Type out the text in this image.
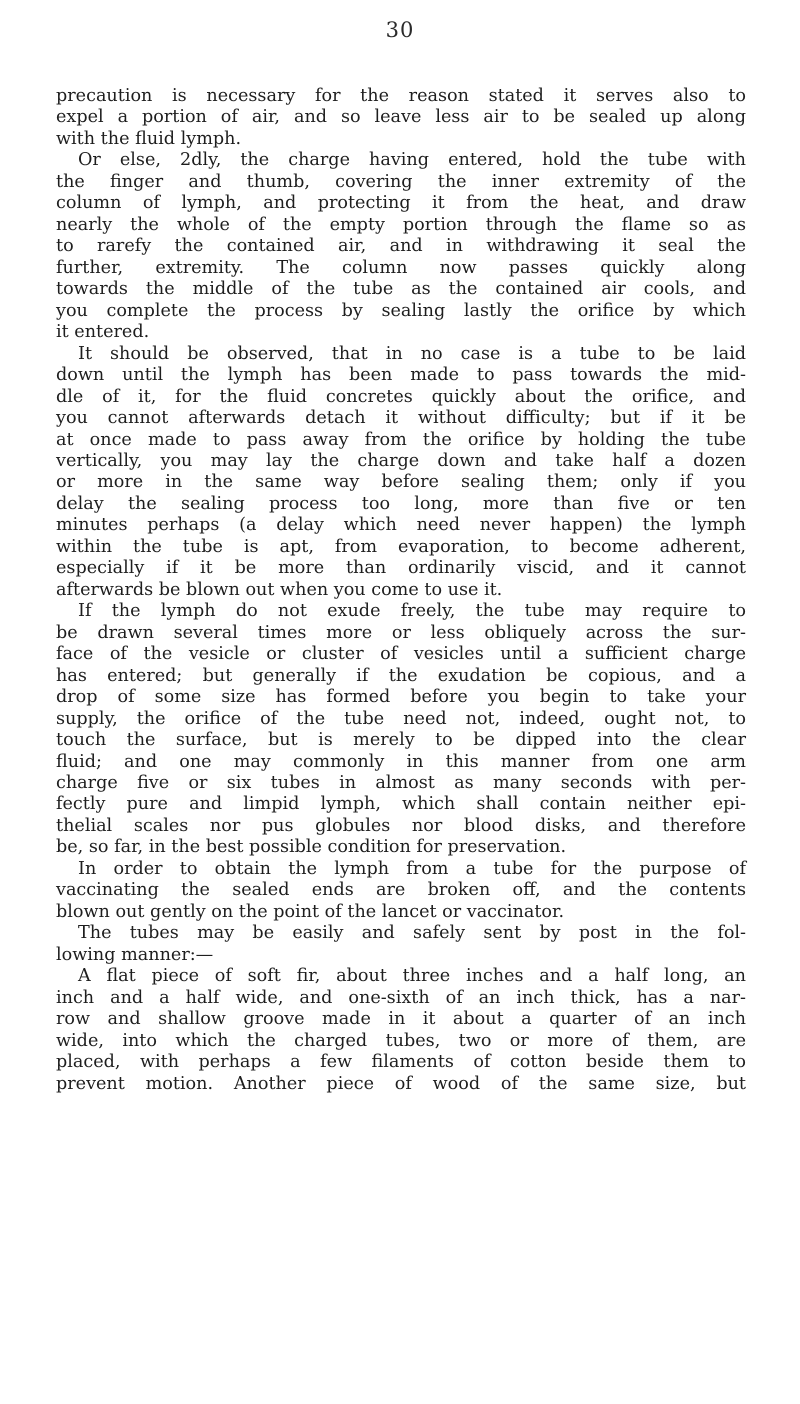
30
precaution is necessary for the reason stated it serves also to
expel a portion of air, and so leave less air to be sealed up along
with the fluid lymph.
Or else, 2dly, the charge having entered, hold the tube with
the finger and thumb, covering the inner extremity of the
column of lymph, and protecting it from the heat, and draw
nearly the whole of the empty portion through the flame so as
to rarefy the contained air, and in withdrawing it seal the
further, extremity. The column now passes quickly along
towards the middle of the tube as the contained air cools, and
you complete the process by sealing lastly the orifice by which
it entered.
It should be observed, that in no case is a tube to be laid
down until the lymph has been made to pass towards the mid-
dle of it, for the fluid concretes quickly about the orifice, and
you cannot afterwards detach it without difficulty; but if it be
at once made to pass away from the orifice by holding the tube
vertically, you may lay the charge down and take half a dozen
or more in the same way before sealing them; only if you
delay the sealing process too long, more than five or ten
minutes perhaps (a delay which need never happen) the lymph
within the tube is apt, from evaporation, to become adherent,
especially if it be more than ordinarily viscid, and it cannot
afterwards be blown out when you come to use it.
If the lymph do not exude freely, the tube may require to
be drawn several times more or less obliquely across the sur-
face of the vesicle or cluster of vesicles until a sufficient charge
has entered; but generally if the exudation be copious, and a
drop of some size has formed before you begin to take your
supply, the orifice of the tube need not, indeed, ought not, to
touch the surface, but is merely to be dipped into the clear
fluid; and one may commonly in this manner from one arm
charge five or six tubes in almost as many seconds with per-
fectly pure and limpid lymph, which shall contain neither epi-
thelial scales nor pus globules nor blood disks, and therefore
be, so far, in the best possible condition for preservation.
In order to obtain the lymph from a tube for the purpose of
vaccinating the sealed ends are broken off, and the contents
blown out gently on the point of the lancet or vaccinator.
The tubes may be easily and safely sent by post in the fol-
lowing manner:—
A flat piece of soft fir, about three inches and a half long, an
inch and a half wide, and one-sixth of an inch thick, has a nar-
row and shallow groove made in it about a quarter of an inch
wide, into which the charged tubes, two or more of them, are
placed, with perhaps a few filaments of cotton beside them to
prevent motion. Another piece of wood of the same size, but
